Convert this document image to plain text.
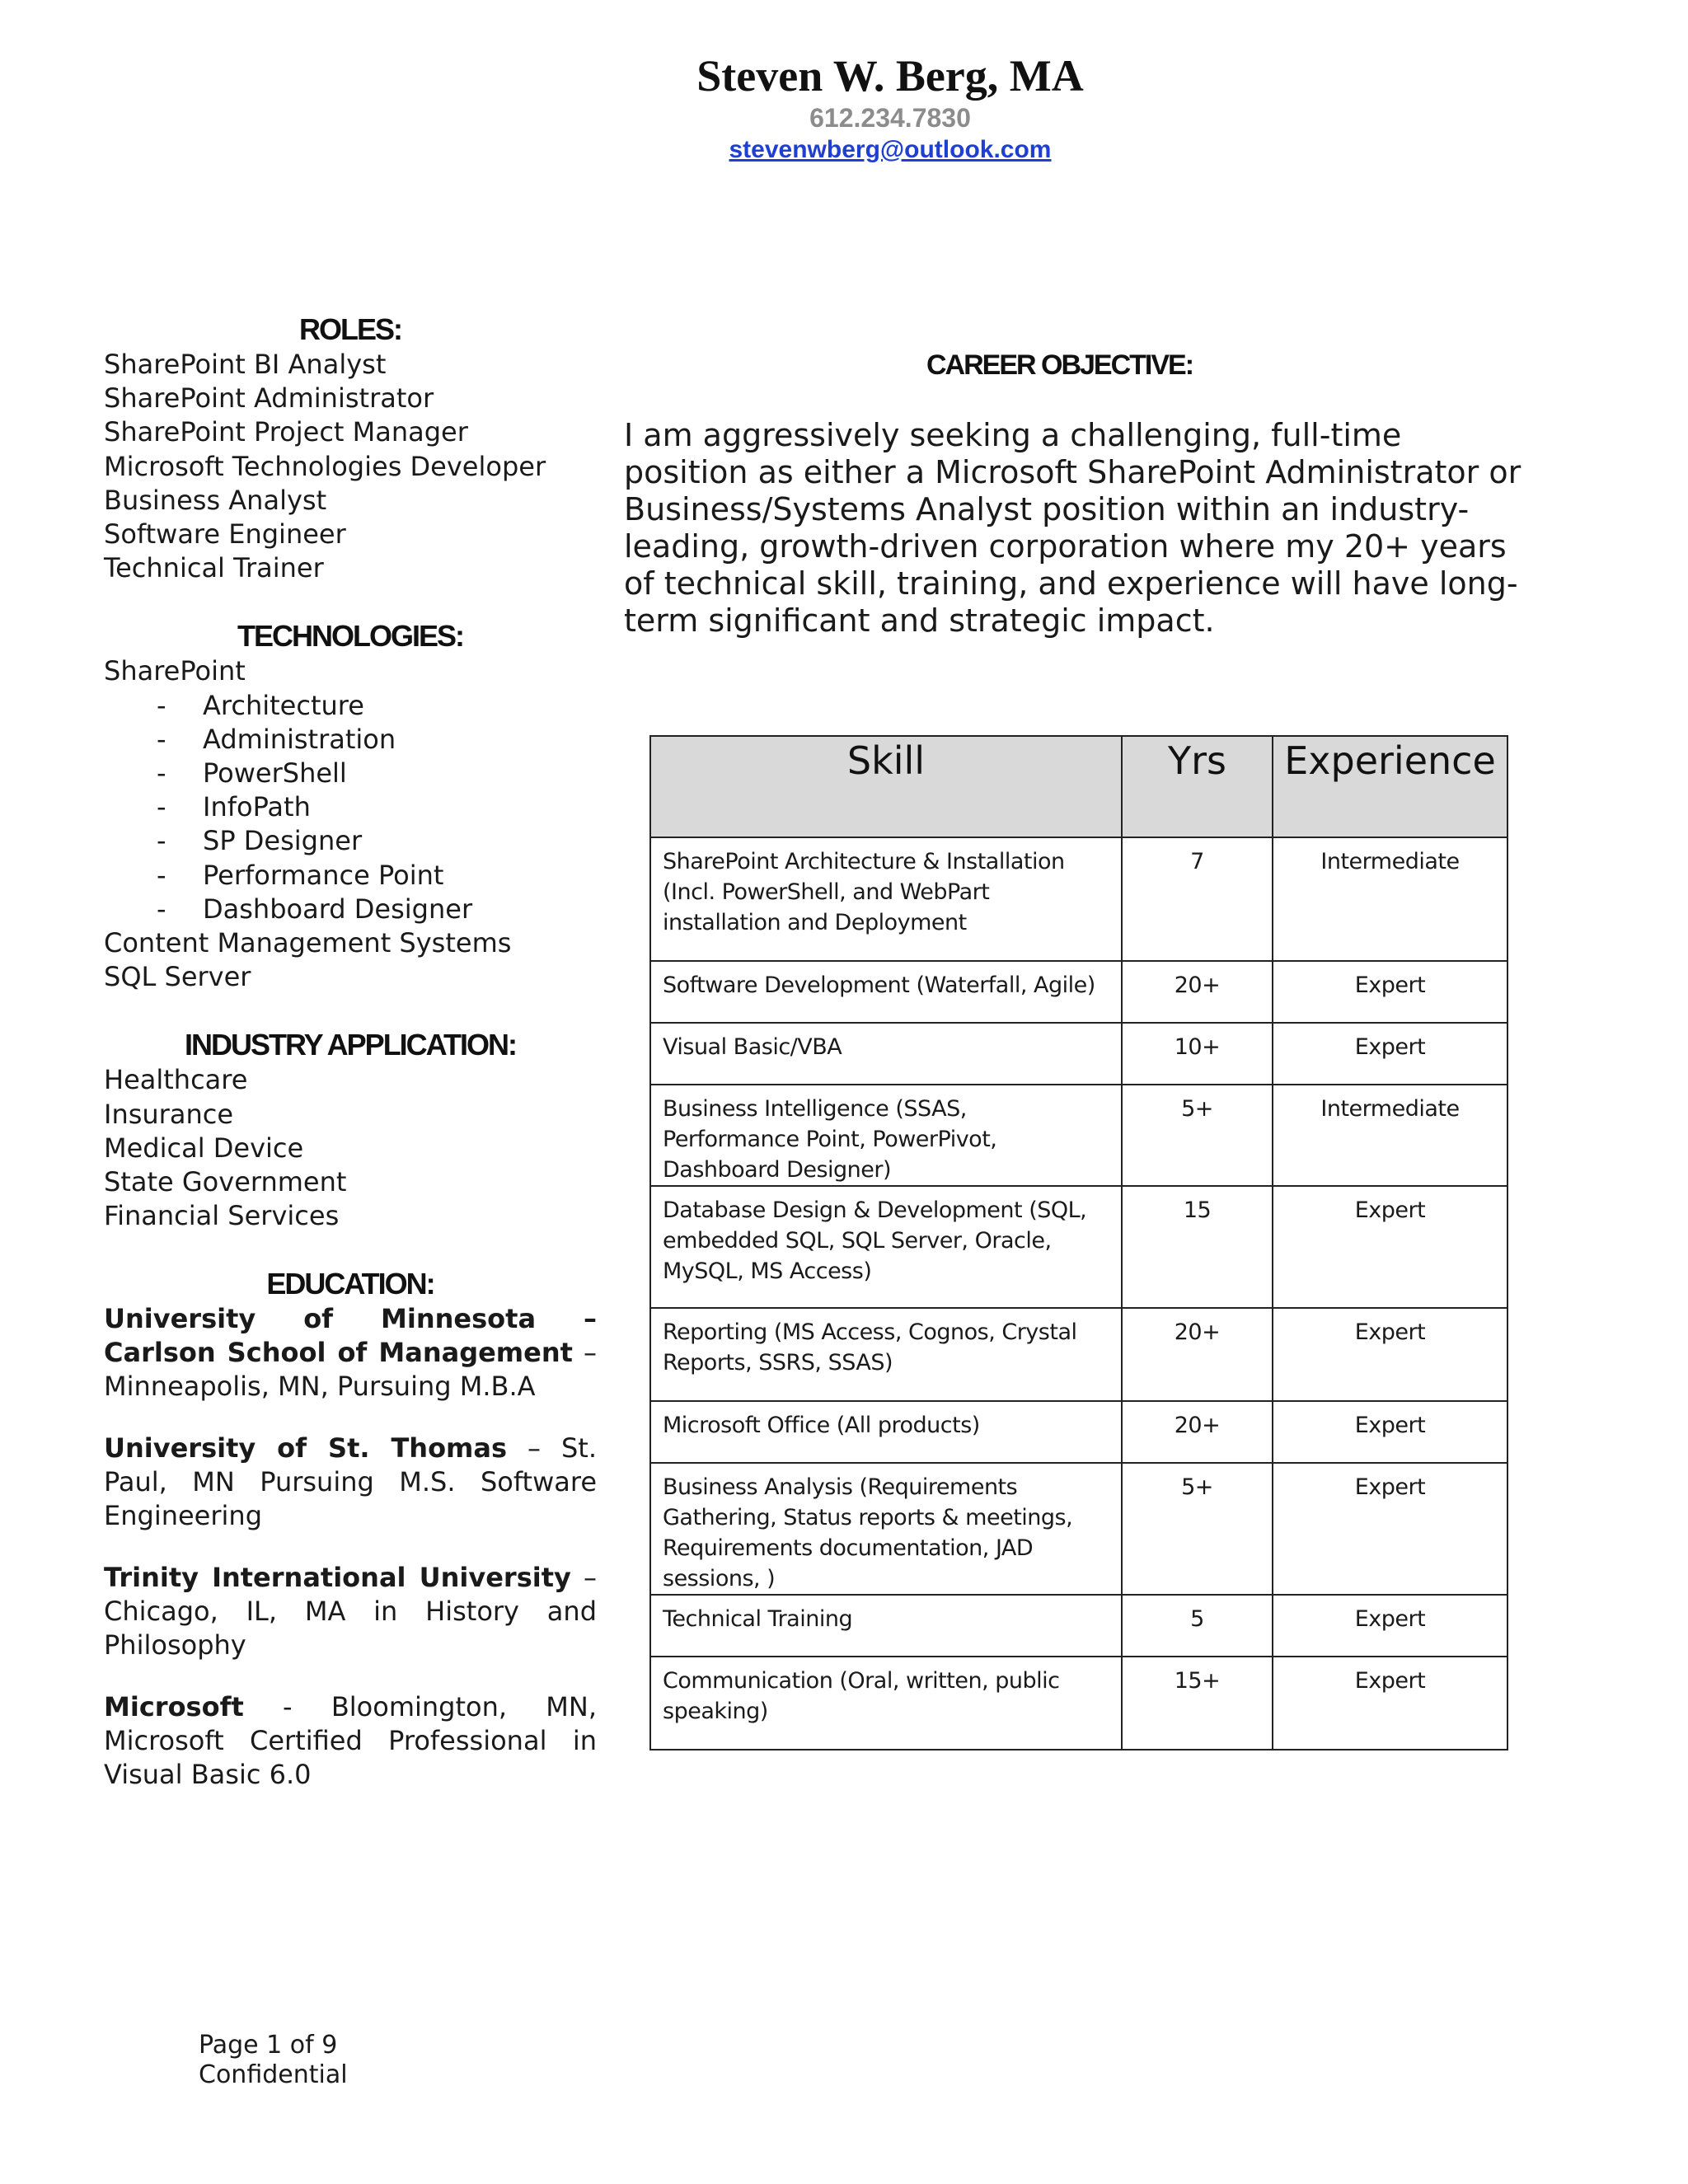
Steven W. Berg, MA
612.234.7830
stevenwberg@outlook.com
ROLES:
SharePoint BI Analyst
SharePoint Administrator
SharePoint Project Manager
Microsoft Technologies Developer
Business Analyst
Software Engineer
Technical Trainer
TECHNOLOGIES:
SharePoint
- Architecture
- Administration
- PowerShell
- InfoPath
- SP Designer
- Performance Point
- Dashboard Designer
Content Management Systems
SQL Server
INDUSTRY APPLICATION:
Healthcare
Insurance
Medical Device
State Government
Financial Services
EDUCATION:

University of Minnesota – Carlson School of Management – Minneapolis, MN, Pursuing M.B.A

University of St. Thomas – St. Paul, MN Pursuing M.S. Software Engineering

Trinity International University – Chicago, IL, MA in History and Philosophy

Microsoft - Bloomington, MN, Microsoft Certified Professional in Visual Basic 6.0

CAREER OBJECTIVE:

I am aggressively seeking a challenging, full-time position as either a Microsoft SharePoint Administrator or Business/Systems Analyst position within an industry-leading, growth-driven corporation where my 20+ years of technical skill, training, and experience will have long-term significant and strategic impact.

Skill	Yrs	Experience
SharePoint Architecture & Installation (Incl. PowerShell, and WebPart installation and Deployment	7	Intermediate
Software Development (Waterfall, Agile)	20+	Expert
Visual Basic/VBA	10+	Expert
Business Intelligence (SSAS, Performance Point, PowerPivot, Dashboard Designer)	5+	Intermediate
Database Design & Development (SQL, embedded SQL, SQL Server, Oracle, MySQL, MS Access)	15	Expert
Reporting (MS Access, Cognos, Crystal Reports, SSRS, SSAS)	20+	Expert
Microsoft Office (All products)	20+	Expert
Business Analysis (Requirements Gathering, Status reports & meetings, Requirements documentation, JAD sessions, )	5+	Expert
Technical Training	5	Expert
Communication (Oral, written, public speaking)	15+	Expert
Page 1 of 9
Confidential
